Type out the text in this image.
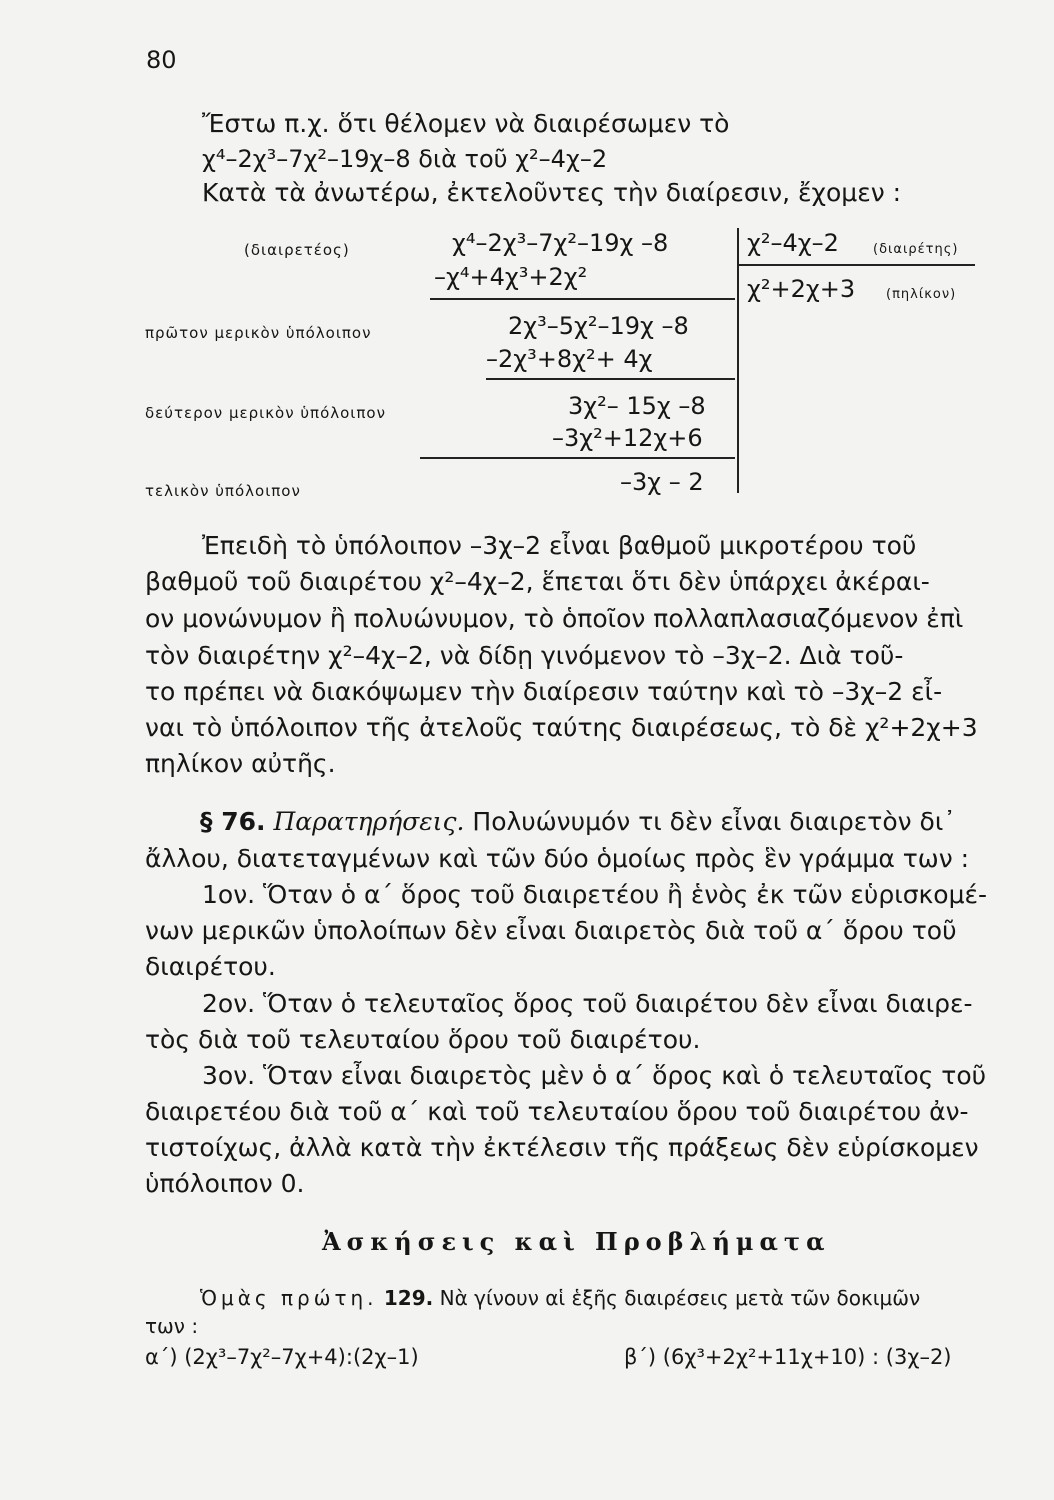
80
Ἔστω π.χ. ὅτι θέλομεν νὰ διαιρέσωμεν τὸ
χ⁴–2χ³–7χ²–19χ–8 διὰ τοῦ χ²–4χ–2
Κατὰ τὰ ἀνωτέρω, ἐκτελοῦντες τὴν διαίρεσιν, ἔχομεν :
(διαιρετέος)	χ⁴–2χ³–7χ²–19χ –8	χ²–4χ–2	(διαιρέτης)
–χ⁴+4χ³+2χ²	χ²+2χ+3 (πηλίκον)
πρῶτον μερικὸν ὑπόλοιπον	2χ³–5χ²–19χ –8
–2χ³+8χ²+ 4χ
δεύτερον μερικὸν ὑπόλοιπον	3χ²– 15χ –8
–3χ²+12χ+6
τελικὸν ὑπόλοιπον	–3χ – 2
Ἐπειδὴ τὸ ὑπόλοιπον –3χ–2 εἶναι βαθμοῦ μικροτέρου τοῦ
βαθμοῦ τοῦ διαιρέτου χ²–4χ–2, ἕπεται ὅτι δὲν ὑπάρχει ἀκέραι-
ον μονώνυμον ἢ πολυώνυμον, τὸ ὁποῖον πολλαπλασιαζόμενον ἐπὶ
τὸν διαιρέτην χ²–4χ–2, νὰ δίδῃ γινόμενον τὸ –3χ–2. Διὰ τοῦ-
το πρέπει νὰ διακόψωμεν τὴν διαίρεσιν ταύτην καὶ τὸ –3χ–2 εἶ-
ναι τὸ ὑπόλοιπον τῆς ἀτελοῦς ταύτης διαιρέσεως, τὸ δὲ χ²+2χ+3
πηλίκον αὐτῆς.
§ 76. Παρατηρήσεις. Πολυώνυμόν τι δὲν εἶναι διαιρετὸν δι᾽
ἄλλου, διατεταγμένων καὶ τῶν δύο ὁμοίως πρὸς ἓν γράμμα των :
1ον. Ὅταν ὁ α΄ ὅρος τοῦ διαιρετέου ἢ ἑνὸς ἐκ τῶν εὑρισκομέ-
νων μερικῶν ὑπολοίπων δὲν εἶναι διαιρετὸς διὰ τοῦ α΄ ὅρου τοῦ
διαιρέτου.
2ον. Ὅταν ὁ τελευταῖος ὅρος τοῦ διαιρέτου δὲν εἶναι διαιρε-
τὸς διὰ τοῦ τελευταίου ὅρου τοῦ διαιρέτου.
3ον. Ὅταν εἶναι διαιρετὸς μὲν ὁ α΄ ὅρος καὶ ὁ τελευταῖος τοῦ
διαιρετέου διὰ τοῦ α΄ καὶ τοῦ τελευταίου ὅρου τοῦ διαιρέτου ἀν-
τιστοίχως, ἀλλὰ κατὰ τὴν ἐκτέλεσιν τῆς πράξεως δὲν εὑρίσκομεν
ὑπόλοιπον 0.
Ἀσκήσεις καὶ Προβλήματα
Ὁμὰς πρώτη. 129. Νὰ γίνουν αἱ ἑξῆς διαιρέσεις μετὰ τῶν δοκιμῶν
των :
α΄) (2χ³–7χ²–7χ+4):(2χ–1)	β΄) (6χ³+2χ²+11χ+10) : (3χ–2)
